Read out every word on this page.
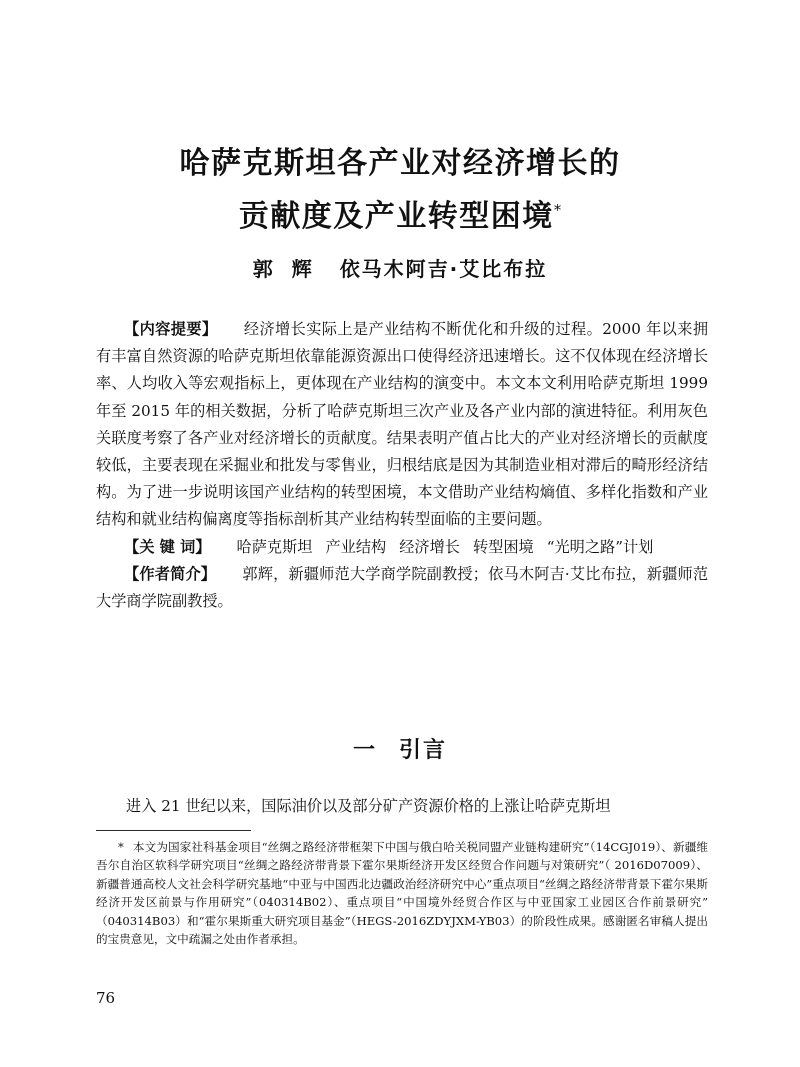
哈萨克斯坦各产业对经济增长的
贡献度及产业转型困境*
郭 辉 依马木阿吉·艾比布拉

【内容提要】 经济增长实际上是产业结构不断优化和升级的过程。2000 年以来拥有丰富自然资源的哈萨克斯坦依靠能源资源出口使得经济迅速增长。这不仅体现在经济增长率、人均收入等宏观指标上，更体现在产业结构的演变中。本文本文利用哈萨克斯坦 1999 年至 2015 年的相关数据，分析了哈萨克斯坦三次产业及各产业内部的演进特征。利用灰色关联度考察了各产业对经济增长的贡献度。结果表明产值占比大的产业对经济增长的贡献度较低，主要表现在采掘业和批发与零售业，归根结底是因为其制造业相对滞后的畸形经济结构。为了进一步说明该国产业结构的转型困境，本文借助产业结构熵值、多样化指数和产业结构和就业结构偏离度等指标剖析其产业结构转型面临的主要问题。

【关 键 词】 哈萨克斯坦 产业结构 经济增长 转型困境 “光明之路”计划

【作者简介】 郭辉，新疆师范大学商学院副教授；依马木阿吉·艾比布拉，新疆师范大学商学院副教授。

一 引言

进入 21 世纪以来，国际油价以及部分矿产资源价格的上涨让哈萨克斯坦

* 本文为国家社科基金项目“丝绸之路经济带框架下中国与俄白哈关税同盟产业链构建研究”（14CGJ019）、新疆维吾尔自治区软科学研究项目“丝绸之路经济带背景下霍尔果斯经济开发区经贸合作问题与对策研究”（ 2016D07009）、新疆普通高校人文社会科学研究基地“中亚与中国西北边疆政治经济研究中心”重点项目“丝绸之路经济带背景下霍尔果斯经济开发区前景与作用研究”（040314B02）、重点项目“中国境外经贸合作区与中亚国家工业园区合作前景研究”（040314B03）和“霍尔果斯重大研究项目基金”（HEGS-2016ZDYJXM-YB03）的阶段性成果。感谢匿名审稿人提出的宝贵意见，文中疏漏之处由作者承担。

76
